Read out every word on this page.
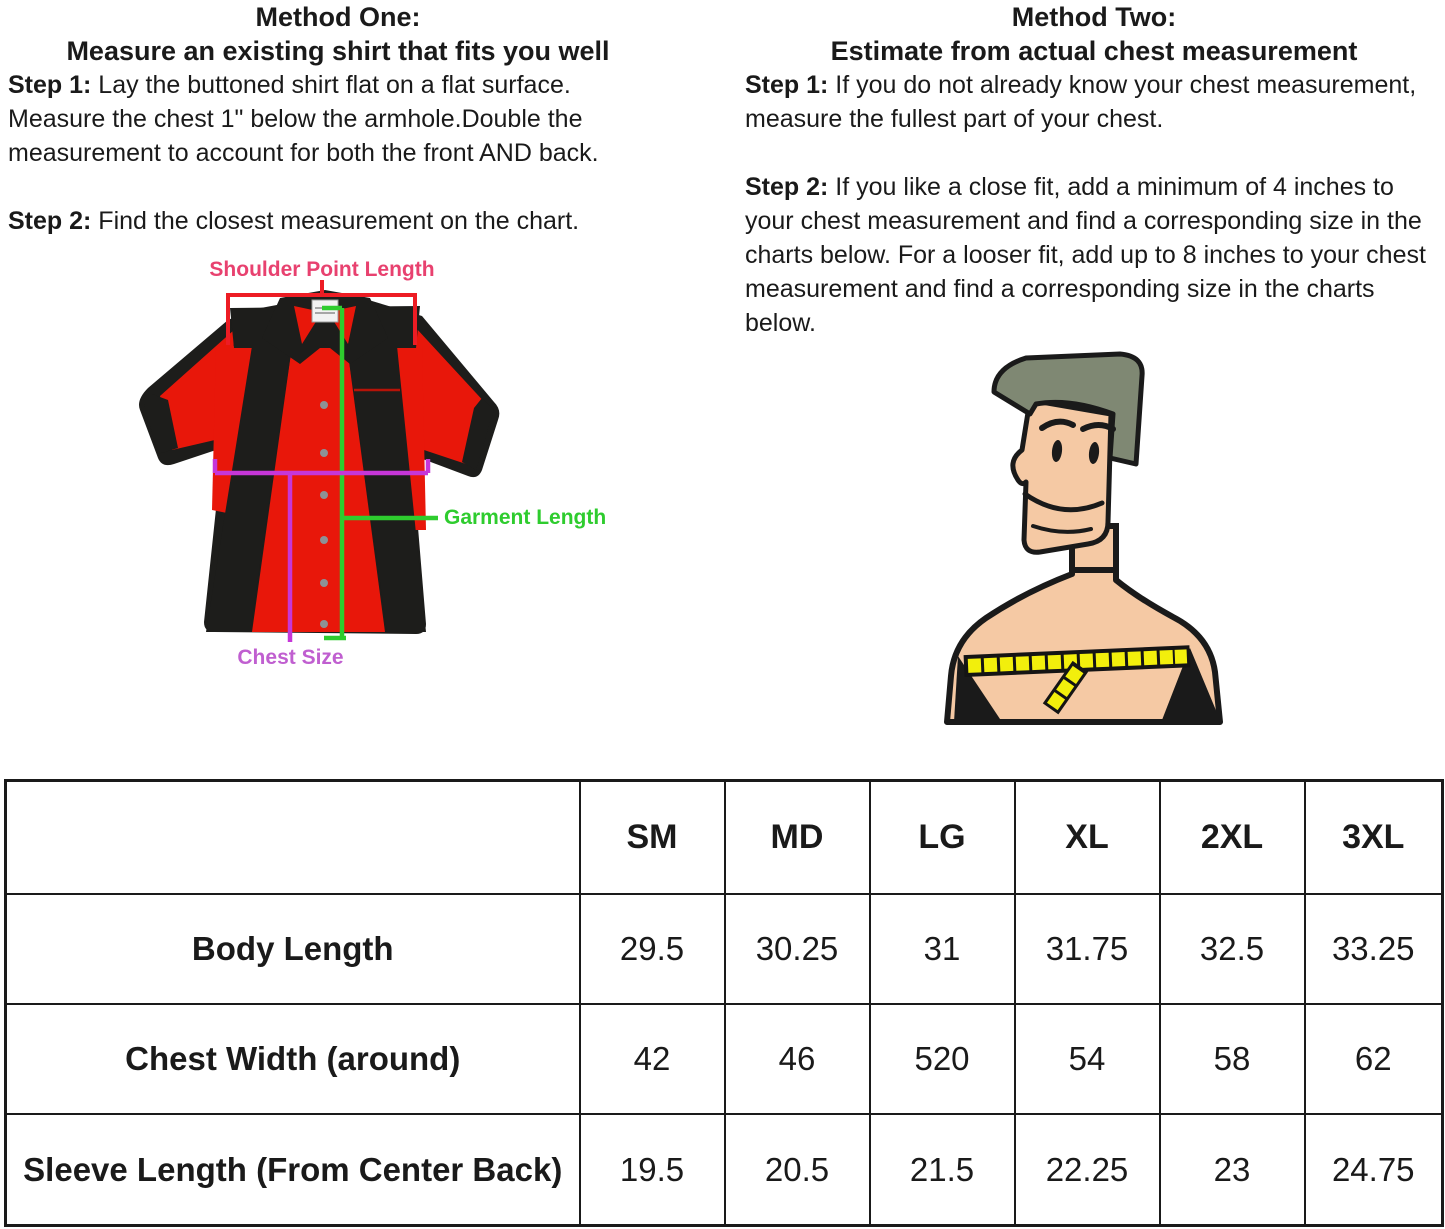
Method One:

Measure an existing shirt that fits you well

Step 1: Lay the buttoned shirt flat on a flat surface. Measure the chest 1" below the armhole.Double the measurement to account for both the front AND back.

Step 2: Find the closest measurement on the chart.

Method Two:

Estimate from actual chest measurement

Step 1: If you do not already know your chest measurement, measure the fullest part of your chest.

Step 2: If you like a close fit, add a minimum of 4 inches to your chest measurement and find a corresponding size in the charts below. For a looser fit, add up to 8 inches to your chest measurement and find a corresponding size in the charts below.

Shoulder Point Length
Garment Length
Chest Size
	SM	MD	LG	XL	2XL	3XL
Body Length	29.5	30.25	31	31.75	32.5	33.25
Chest Width (around)	42	46	520	54	58	62
Sleeve Length (From Center Back)	19.5	20.5	21.5	22.25	23	24.75
